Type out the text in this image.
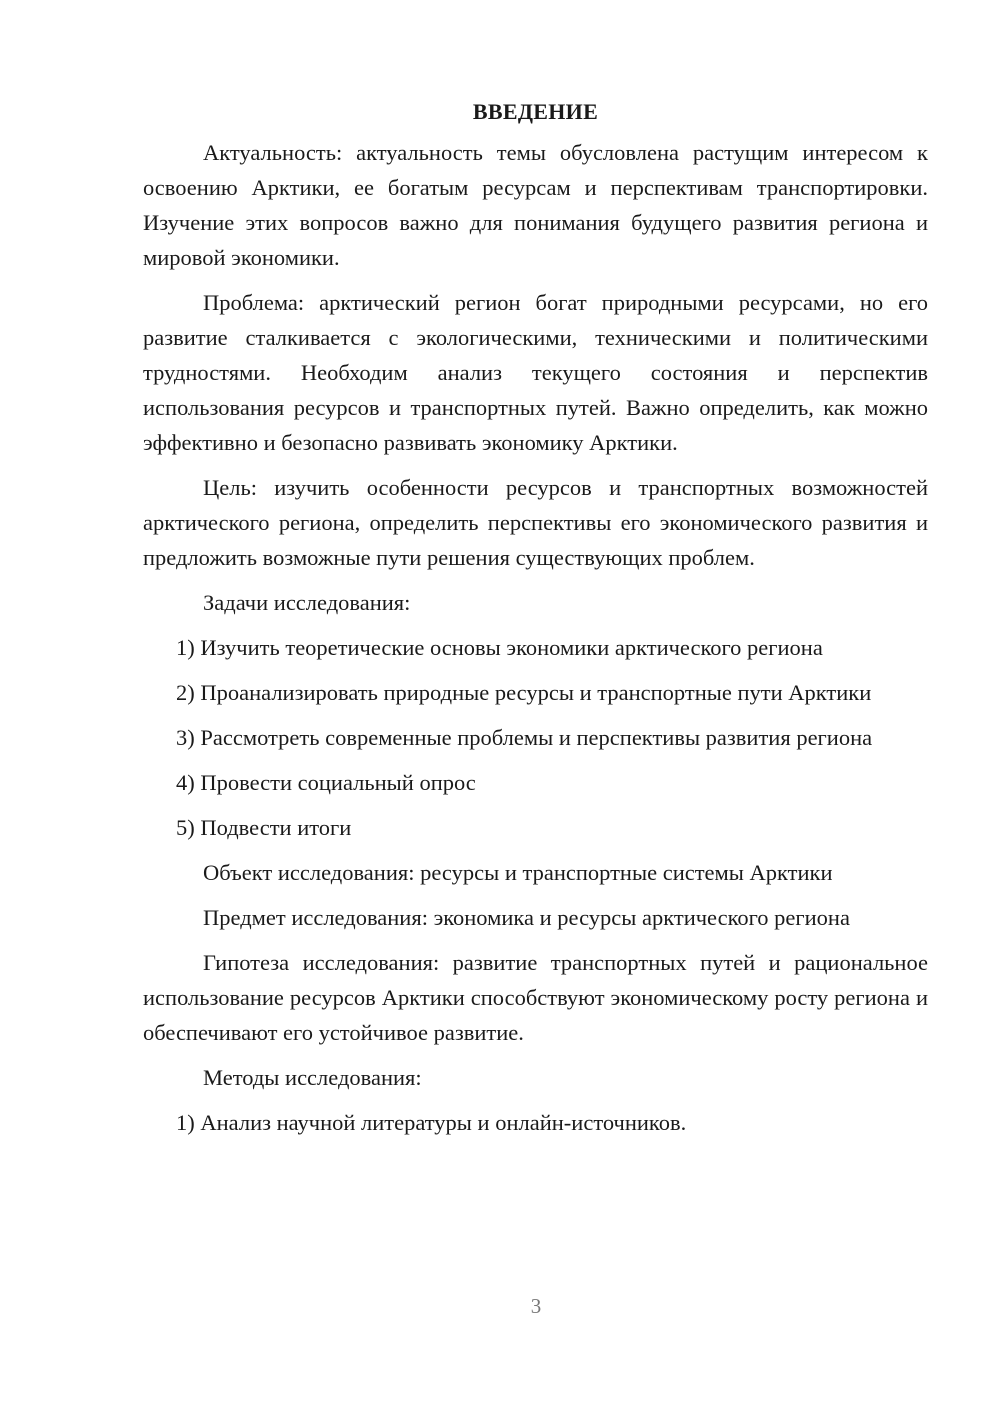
ВВЕДЕНИЕ

Актуальность: актуальность темы обусловлена растущим интересом к освоению Арктики, ее богатым ресурсам и перспективам транспортировки. Изучение этих вопросов важно для понимания будущего развития региона и мировой экономики.

Проблема: арктический регион богат природными ресурсами, но его развитие сталкивается с экологическими, техническими и политическими трудностями. Необходим анализ текущего состояния и перспектив использования ресурсов и транспортных путей. Важно определить, как можно эффективно и безопасно развивать экономику Арктики.

Цель: изучить особенности ресурсов и транспортных возможностей арктического региона, определить перспективы его экономического развития и предложить возможные пути решения существующих проблем.

Задачи исследования:

1) Изучить теоретические основы экономики арктического региона

2) Проанализировать природные ресурсы и транспортные пути Арктики

3) Рассмотреть современные проблемы и перспективы развития региона

4) Провести социальный опрос

5) Подвести итоги

Объект исследования: ресурсы и транспортные системы Арктики

Предмет исследования: экономика и ресурсы арктического региона

Гипотеза исследования: развитие транспортных путей и рациональное использование ресурсов Арктики способствуют экономическому росту региона и обеспечивают его устойчивое развитие.

Методы исследования:

1) Анализ научной литературы и онлайн-источников.

3
